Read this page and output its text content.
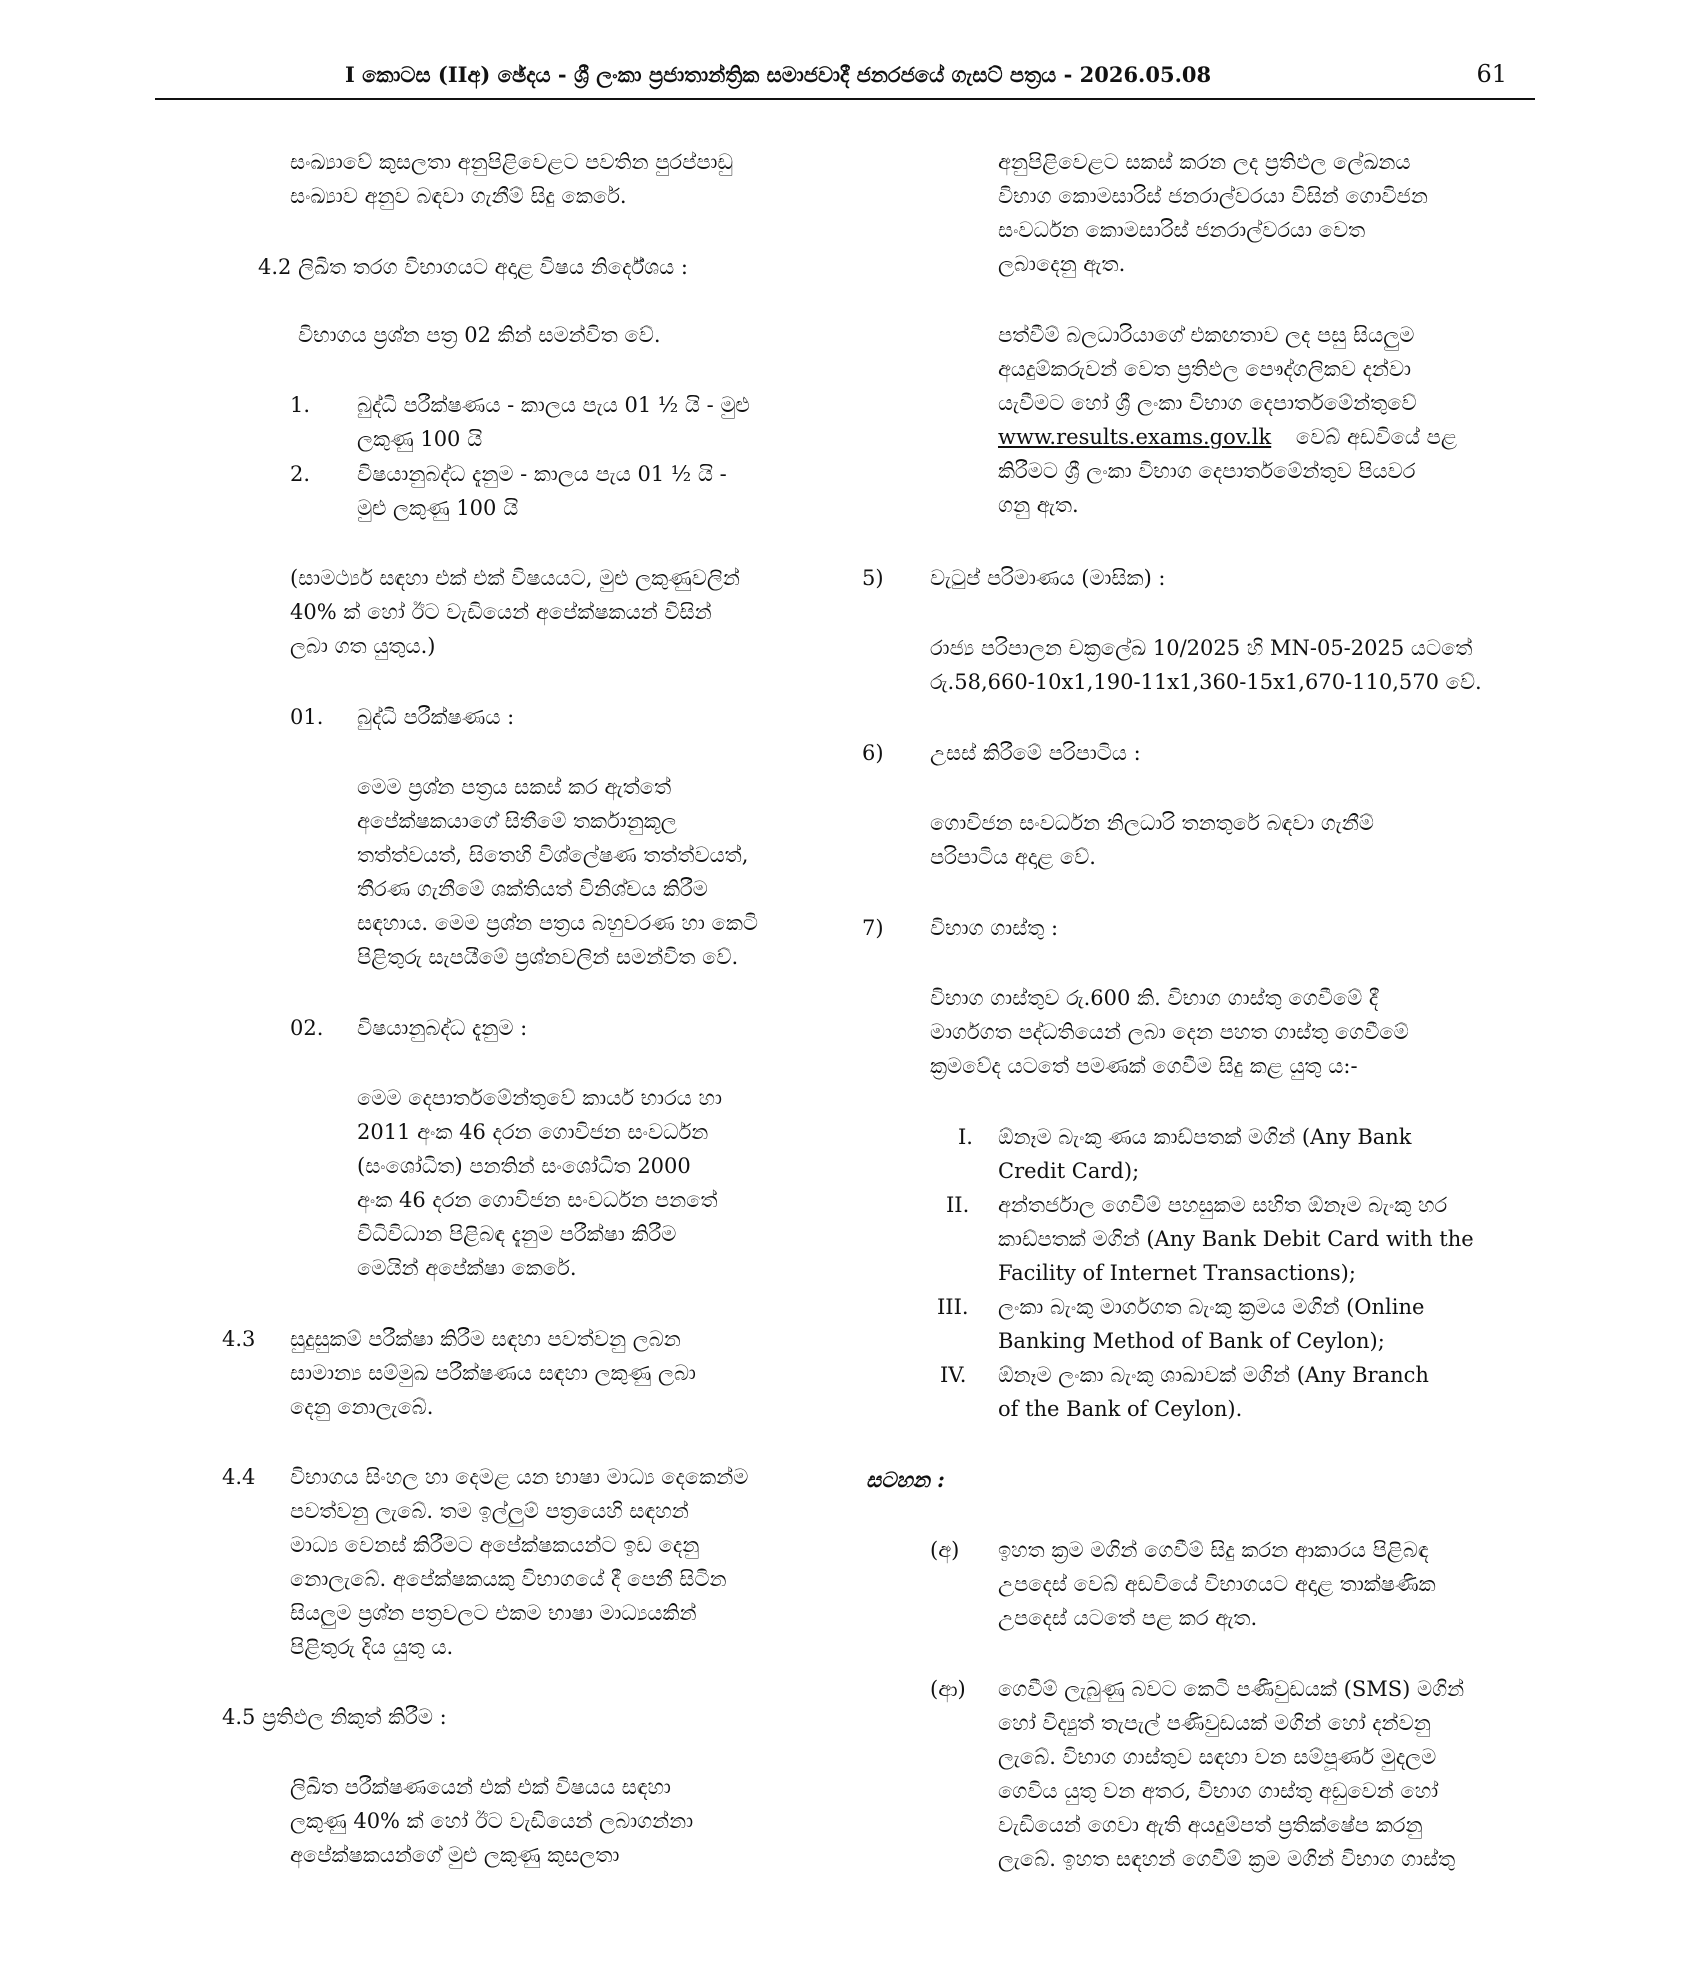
I කොටස (IIඅ) ඡේදය - ශ්‍රී ලංකා ප්‍රජාතාන්ත්‍රික සමාජවාදී ජනරජයේ ගැසට් පත්‍රය - 2026.05.08	61
සංඛ්‍යාවේ කුසලතා අනුපිළිවෙළට පවතින පුරප්පාඩු
සංඛ්‍යාව අනුව බඳවා ගැනීම් සිදු කෙරේ.
4.2 ලිඛිත තරග විභාගයට අදාළ විෂය නිර්දේශය :
විභාගය ප්‍රශ්න පත්‍ර 02 කින් සමන්විත වේ.
1. බුද්ධි පරීක්ෂණය - කාලය පැය 01 ½ යි - මුළු
ලකුණු 100 යි
2. විෂයානුබද්ධ දැනුම - කාලය පැය 01 ½ යි -
මුළු ලකුණු 100 යි
(සාමර්ථ්‍ය සඳහා එක් එක් විෂයයට, මුළු ලකුණුවලින්
40% ක් හෝ ඊට වැඩියෙන් අපේක්ෂකයන් විසින්
ලබා ගත යුතුය.)
01. බුද්ධි පරීක්ෂණය :
මෙම ප්‍රශ්න පත්‍රය සකස් කර ඇත්තේ
අපේක්ෂකයාගේ සිතීමේ තර්කානුකූල
තත්ත්වයත්, සිතෙහි විශ්ලේෂණ තත්ත්වයත්,
තීරණ ගැනීමේ ශක්තියත් විනිශ්චය කිරීම
සඳහාය. මෙම ප්‍රශ්න පත්‍රය බහුවරණ හා කෙටි
පිළිතුරු සැපයීමේ ප්‍රශ්නවලින් සමන්විත වේ.
02. විෂයානුබද්ධ දැනුම :
මෙම දෙපාර්තමේන්තුවේ කාර්ය භාරය හා
2011 අංක 46 දරන ගොවිජන සංවර්ධන
(සංශෝධිත) පනතින් සංශෝධිත 2000
අංක 46 දරන ගොවිජන සංවර්ධන පනතේ
විධිවිධාන පිළිබඳ දැනුම පරීක්ෂා කිරීම
මෙයින් අපේක්ෂා කෙරේ.
4.3 සුදුසුකම් පරීක්ෂා කිරීම සඳහා පවත්වනු ලබන
සාමාන්‍ය සම්මුඛ පරීක්ෂණය සඳහා ලකුණු ලබා
දෙනු නොලැබේ.
4.4 විභාගය සිංහල හා දෙමළ යන භාෂා මාධ්‍ය දෙකෙන්ම
පවත්වනු ලැබේ. තම ඉල්ලුම් පත්‍රයෙහි සඳහන්
මාධ්‍ය වෙනස් කිරීමට අපේක්ෂකයන්ට ඉඩ දෙනු
නොලැබේ. අපේක්ෂකයකු විභාගයේ දී පෙනී සිටින
සියලුම ප්‍රශ්න පත්‍රවලට එකම භාෂා මාධ්‍යයකින්
පිළිතුරු දිය යුතු ය.
4.5 ප්‍රතිඵල නිකුත් කිරීම :
ලිඛිත පරීක්ෂණයෙන් එක් එක් විෂයය සඳහා
ලකුණු 40% ක් හෝ ඊට වැඩියෙන් ලබාගන්නා
අපේක්ෂකයන්ගේ මුළු ලකුණු කුසලතා
අනුපිළිවෙළට සකස් කරන ලද ප්‍රතිඵල ලේඛනය
විභාග කොමසාරිස් ජනරාල්වරයා විසින් ගොවිජන
සංවර්ධන කොමසාරිස් ජනරාල්වරයා වෙත
ලබාදෙනු ඇත.
පත්වීම් බලධාරියාගේ එකඟතාව ලද පසු සියලුම
අයදුම්කරුවන් වෙත ප්‍රතිඵල පෞද්ගලිකව දන්වා
යැවීමට හෝ ශ්‍රී ලංකා විභාග දෙපාර්තමේන්තුවේ
www.results.exams.gov.lk වෙබ් අඩවියේ පළ
කිරීමට ශ්‍රී ලංකා විභාග දෙපාර්තමේන්තුව පියවර
ගනු ඇත.
5) වැටුප් පරිමාණය (මාසික) :
රාජ්‍ය පරිපාලන චක්‍රලේඛ 10/2025 හි MN-05-2025 යටතේ
රු.58,660-10x1,190-11x1,360-15x1,670-110,570 වේ.
6) උසස් කිරීමේ පරිපාටිය :
ගොවිජන සංවර්ධන නිලධාරි තනතුරේ බඳවා ගැනීම්
පරිපාටිය අදාළ වේ.
7) විභාග ගාස්තු :
විභාග ගාස්තුව රු.600 කි. විභාග ගාස්තු ගෙවීමේ දී
මාර්ගගත පද්ධතියෙන් ලබා දෙන පහත ගාස්තු ගෙවීමේ
ක්‍රමවේද යටතේ පමණක් ගෙවීම සිදු කළ යුතු ය:-
I. ඕනෑම බැංකු ණය කාඩ්පතක් මගින් (Any Bank
Credit Card);
II. අන්තර්ජාල ගෙවීම් පහසුකම සහිත ඕනෑම බැංකු හර
කාඩ්පතක් මගින් (Any Bank Debit Card with the
Facility of Internet Transactions);
III. ලංකා බැංකු මාර්ගගත බැංකු ක්‍රමය මගින් (Online
Banking Method of Bank of Ceylon);
IV. ඕනෑම ලංකා බැංකු ශාඛාවක් මගින් (Any Branch
of the Bank of Ceylon).
සටහන :
(අ) ඉහත ක්‍රම මගින් ගෙවීම් සිදු කරන ආකාරය පිළිබඳ
උපදෙස් වෙබ් අඩවියේ විභාගයට අදාළ තාක්ෂණික
උපදෙස් යටතේ පළ කර ඇත.
(ආ) ගෙවීම් ලැබුණු බවට කෙටි පණිවුඩයක් (SMS) මගින්
හෝ විද්‍යුත් තැපැල් පණිවුඩයක් මගින් හෝ දන්වනු
ලැබේ. විභාග ගාස්තුව සඳහා වන සම්පූර්ණ මුදලම
ගෙවිය යුතු වන අතර, විභාග ගාස්තු අඩුවෙන් හෝ
වැඩියෙන් ගෙවා ඇති අයදුම්පත් ප්‍රතික්ෂේප කරනු
ලැබේ. ඉහත සඳහන් ගෙවීම් ක්‍රම මගින් විභාග ගාස්තු
